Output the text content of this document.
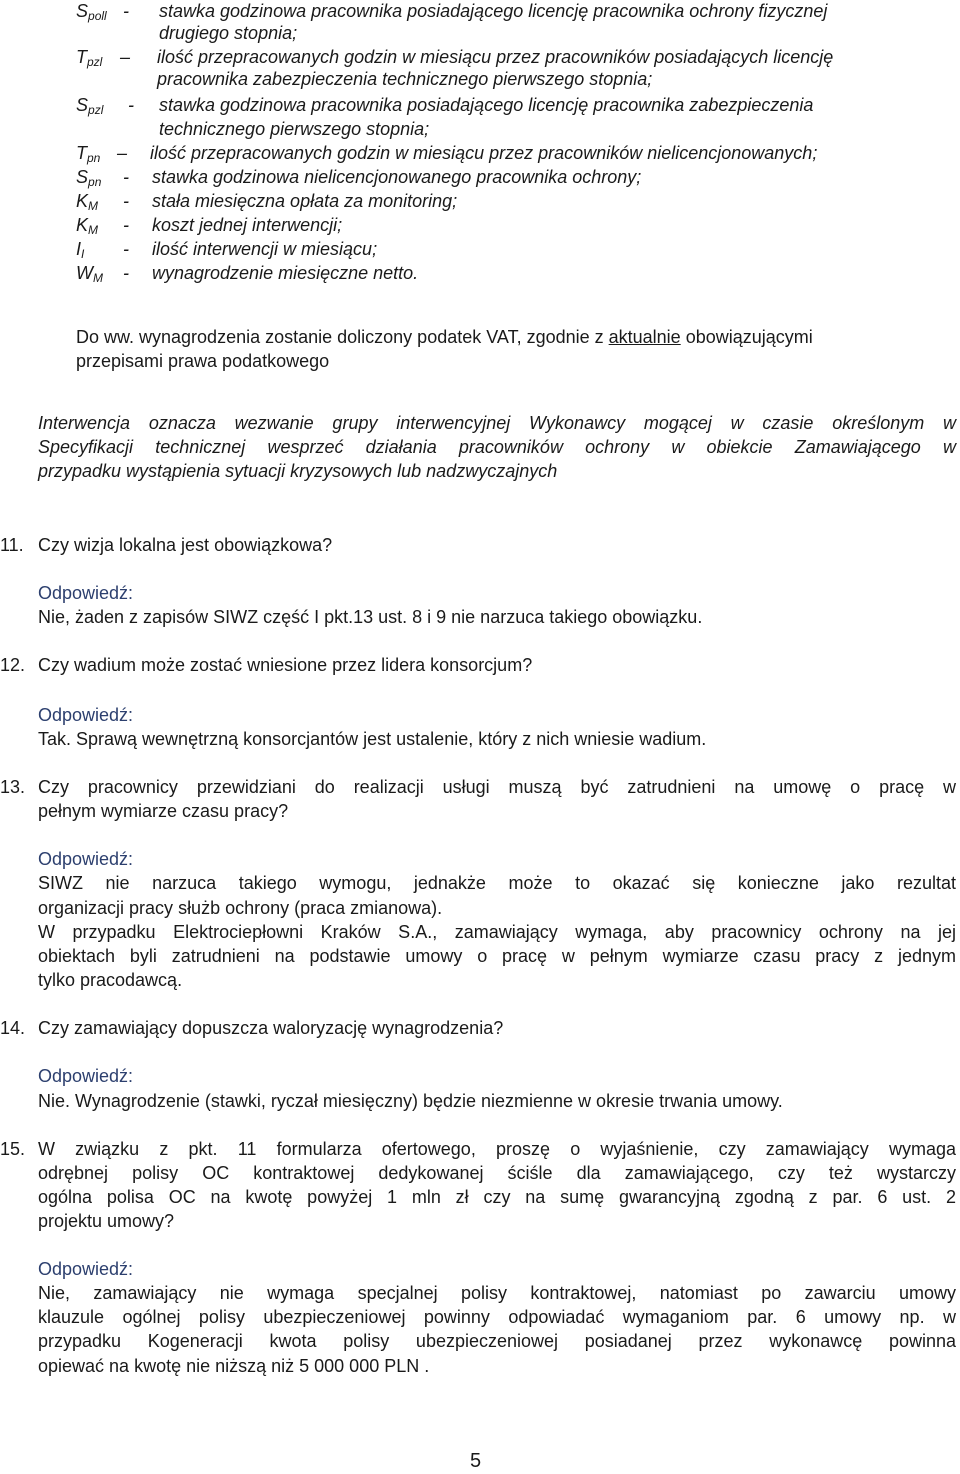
$S_{poll}$ - stawka godzinowa pracownika posiadającego licencję pracownika ochrony fizycznej
drugiego stopnia;
$T_{pzl}$ – ilość przepracowanych godzin w miesiącu przez pracowników posiadających licencję
pracownika zabezpieczenia technicznego pierwszego stopnia;
$S_{pzl}$ - stawka godzinowa pracownika posiadającego licencję pracownika zabezpieczenia
technicznego pierwszego stopnia;
$T_{pn}$ – ilość przepracowanych godzin w miesiącu przez pracowników nielicencjonowanych;
$S_{pn}$ - stawka godzinowa nielicencjonowanego pracownika ochrony;
$K_M$ - stała miesięczna opłata za monitoring;
$K_M$ - koszt jednej interwencji;
$I_I$ - ilość interwencji w miesiącu;
$W_M$ - wynagrodzenie miesięczne netto.
Do ww. wynagrodzenia zostanie doliczony podatek VAT, zgodnie z aktualnie obowiązującymi
przepisami prawa podatkowego
Interwencja oznacza wezwanie grupy interwencyjnej Wykonawcy mogącej w czasie określonym w
Specyfikacji technicznej wesprzeć działania pracowników ochrony w obiekcie Zamawiającego w
przypadku wystąpienia sytuacji kryzysowych lub nadzwyczajnych
11. Czy wizja lokalna jest obowiązkowa?
Odpowiedź:
Nie, żaden z zapisów SIWZ część I pkt.13 ust. 8 i 9 nie narzuca takiego obowiązku.
12. Czy wadium może zostać wniesione przez lidera konsorcjum?
Odpowiedź:
Tak. Sprawą wewnętrzną konsorcjantów jest ustalenie, który z nich wniesie wadium.
13. Czy pracownicy przewidziani do realizacji usługi muszą być zatrudnieni na umowę o pracę w
pełnym wymiarze czasu pracy?
Odpowiedź:
SIWZ nie narzuca takiego wymogu, jednakże może to okazać się konieczne jako rezultat
organizacji pracy służb ochrony (praca zmianowa).
W przypadku Elektrociepłowni Kraków S.A., zamawiający wymaga, aby pracownicy ochrony na jej
obiektach byli zatrudnieni na podstawie umowy o pracę w pełnym wymiarze czasu pracy z jednym
tylko pracodawcą.
14. Czy zamawiający dopuszcza waloryzację wynagrodzenia?
Odpowiedź:
Nie. Wynagrodzenie (stawki, ryczał miesięczny) będzie niezmienne w okresie trwania umowy.
15. W związku z pkt. 11 formularza ofertowego, proszę o wyjaśnienie, czy zamawiający wymaga
odrębnej polisy OC kontraktowej dedykowanej ściśle dla zamawiającego, czy też wystarczy
ogólna polisa OC na kwotę powyżej 1 mln zł czy na sumę gwarancyjną zgodną z par. 6 ust. 2
projektu umowy?
Odpowiedź:
Nie, zamawiający nie wymaga specjalnej polisy kontraktowej, natomiast po zawarciu umowy
klauzule ogólnej polisy ubezpieczeniowej powinny odpowiadać wymaganiom par. 6 umowy np. w
przypadku Kogeneracji kwota polisy ubezpieczeniowej posiadanej przez wykonawcę powinna
opiewać na kwotę nie niższą niż 5 000 000 PLN .
5
